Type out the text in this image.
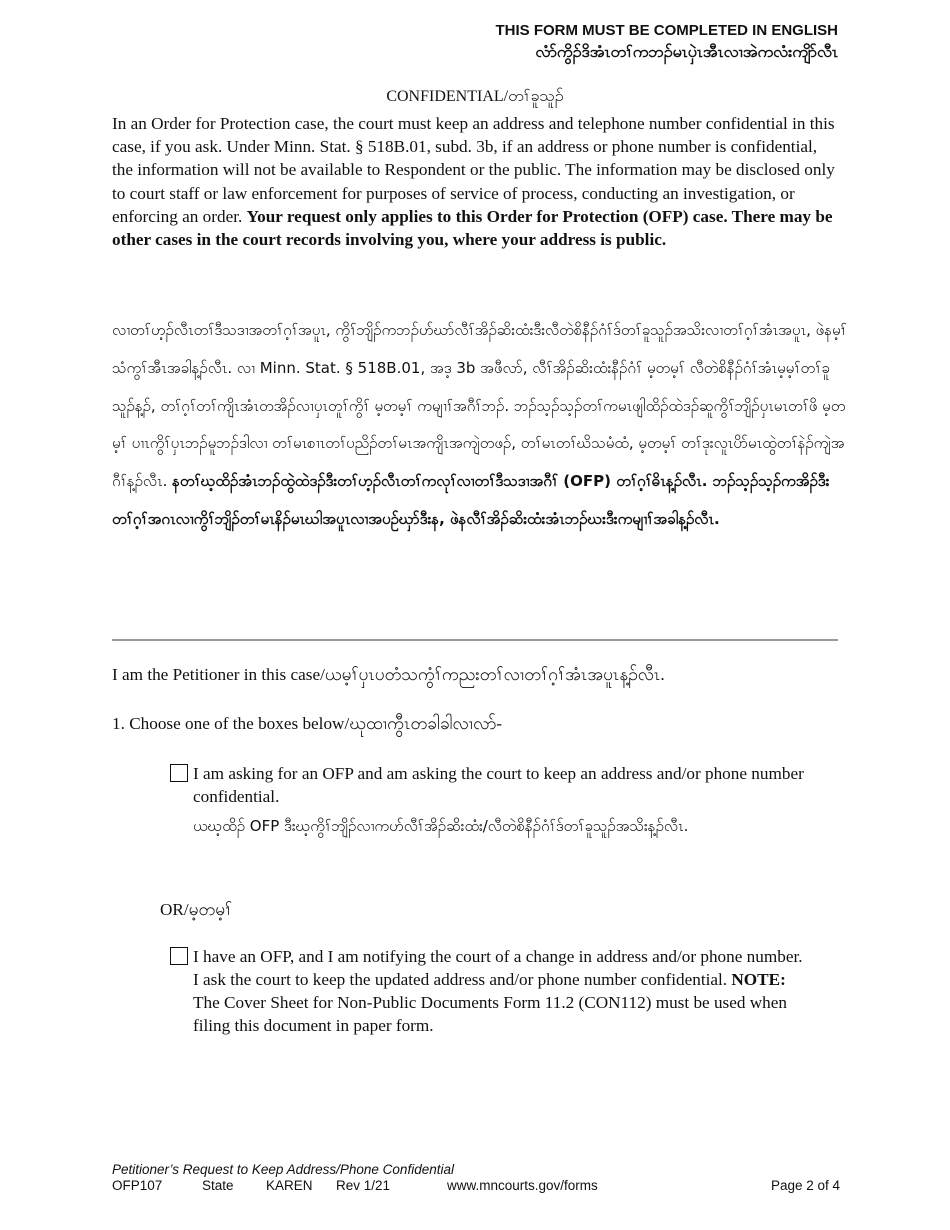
THIS FORM MUST BE COMPLETED IN ENGLISH
လံာ်ကွိၣ်ဒိအံၤတၢ်ကဘၣ်မၤပှဲၤအီၤလၢအဲကလံးကျိာ်လီၤ
CONFIDENTIAL/တၢ်ခူသူၣ်
In an Order for Protection case, the court must keep an address and telephone number confidential in this case, if you ask. Under Minn. Stat. § 518B.01, subd. 3b, if an address or phone number is confidential, the information will not be available to Respondent or the public. The information may be disclosed only to court staff or law enforcement for purposes of service of process, conducting an investigation, or enforcing an order. Your request only applies to this Order for Protection (OFP) case. There may be other cases in the court records involving you, where your address is public.
လၢတၢ်ဟ့ၣ်လီၤတၢ်ဒီသဒၢအတၢ်ဂ့ၢ်အပူၤ, ကွိၢ်ဘျိၣ်ကဘၣ်ဟ်ဃာ်လီၢ်အိၣ်ဆိးထံးဒီးလီတဲစိနီၣ်ဂံၢ်ဒ်တၢ်ခူသူၣ်အသိးလၢတၢ်ဂ့ၢ်အံၤအပူၤ, ဖဲနမ့ၢ်သံကွၢ်အီၤအခါန့ၣ်လီၤ. လၢ Minn. Stat. § 518B.01, အဒ့ 3b အဖီလာ်, လီၢ်အိၣ်ဆိးထံးနီၣ်ဂံၢ် မ့တမ့ၢ် လီတဲစိနီၣ်ဂံၢ်အံၤမ့မ့ၢ်တၢ်ခူသူၣ်န့ၣ်, တၢ်ဂ့ၢ်တၢ်ကျိၤအံၤတအိၣ်လၢပှၤတူၢ်ကွိၢ် မ့တမ့ၢ် ကမျၢၢ်အဂီၢ်ဘၣ်. ဘၣ်သ့ၣ်သ့ၣ်တၢ်ကမၤဖျါထိၣ်ထဲဒၣ်ဆူကွိၢ်ဘျိၣ်ပှၤမၤတၢ်ဖိ မ့တမ့ၢ် ပၢၤကွိၢ်ပှၤဘၣ်မူဘၣ်ဒါလၢ တၢ်မၤစၢၤတၢ်ပညိၣ်တၢ်မၤအကျိၤအကျဲတဖၣ်, တၢ်မၤတၢ်ဃိသမံထံ, မ့တမ့ၢ် တၢ်ဒုးလူၤပိာ်မၤထွဲတၢ်နဲၣ်ကျဲအဂီၢ်န့ၣ်လီၤ. နတၢ်ဃ့ထိၣ်အံၤဘၣ်ထွဲထဲဒၣ်ဒီးတၢ်ဟ့ၣ်လီၤတၢ်ကလုၢ်လၢတၢ်ဒီသဒၢအဂီၢ် (OFP) တၢ်ဂ့ၢ်ဓိၤန့ၣ်လီၤ. ဘၣ်သ့ၣ်သ့ၣ်ကအိၣ်ဒီးတၢ်ဂ့ၢ်အဂၤလၢကွိၢ်ဘျိၣ်တၢ်မၤနိၣ်မၤဃါအပူၤလၢအပဉ်ဃှာ်ဒီးန, ဖဲနလီၢ်အိၣ်ဆိးထံးအံၤဘၣ်ဃးဒီးကမျၢၢ်အခါန့ၣ်လီၤ.
I am the Petitioner in this case/ယမ့ၢ်ပှၤပတံသကွံၢ်ကညးတၢ်လၢတၢ်ဂ့ၢ်အံၤအပူၤန့ၣ်လီၤ.
1. Choose one of the boxes below/ဃုထၢကွီၤတခါခါလၢလာ်-
I am asking for an OFP and am asking the court to keep an address and/or phone number confidential.
ယဃ့ထိၣ် OFP ဒီးဃ့ကွိၢ်ဘျိၣ်လၢကဟ်လီၢ်အိၣ်ဆိးထံး/လီတဲစိနီၣ်ဂံၢ်ဒ်တၢ်ခူသူၣ်အသိးန့ၣ်လီၤ.
OR/မ့တမ့ၢ်
I have an OFP, and I am notifying the court of a change in address and/or phone number. I ask the court to keep the updated address and/or phone number confidential. NOTE: The Cover Sheet for Non-Public Documents Form 11.2 (CON112) must be used when filing this document in paper form.
Petitioner’s Request to Keep Address/Phone Confidential
OFP107	State KAREN Rev 1/21	www.mncourts.gov/forms	Page 2 of 4
